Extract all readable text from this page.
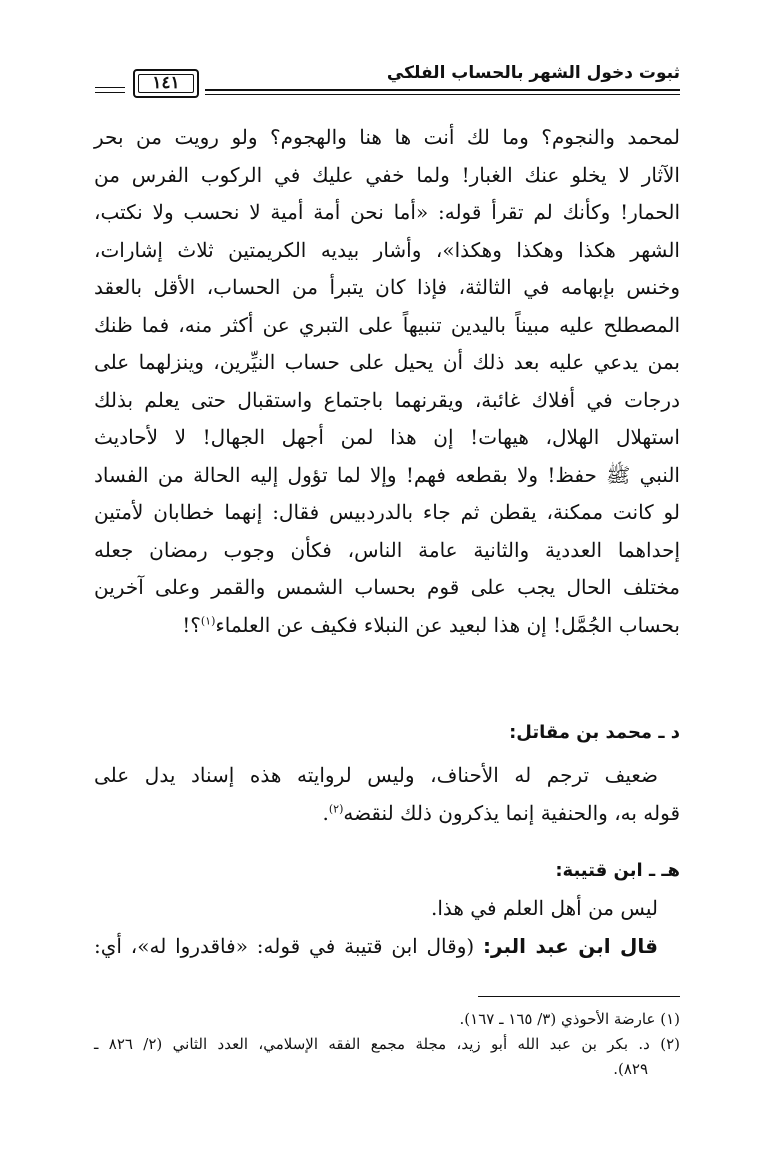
ثبوت دخول الشهر بالحساب الفلكي
١٤١
لمحمد والنجوم؟ وما لك أنت ها هنا والهجوم؟ ولو رويت من بحر
الآثار لا يخلو عنك الغبار! ولما خفي عليك في الركوب الفرس من
الحمار! وكأنك لم تقرأ قوله: «أما نحن أمة أمية لا نحسب ولا نكتب،
الشهر هكذا وهكذا وهكذا»، وأشار بيديه الكريمتين ثلاث إشارات،
وخنس بإبهامه في الثالثة، فإذا كان يتبرأ من الحساب، الأقل بالعقد
المصطلح عليه مبيناً باليدين تنبيهاً على التبري عن أكثر منه، فما ظنك
بمن يدعي عليه بعد ذلك أن يحيل على حساب النيِّرين، وينزلهما على
درجات في أفلاك غائبة، ويقرنهما باجتماع واستقبال حتى يعلم بذلك
استهلال الهلال، هيهات! إن هذا لمن أجهل الجهال! لا لأحاديث
النبي ﷺ حفظ! ولا بقطعه فهم! وإلا لما تؤول إليه الحالة من الفساد
لو كانت ممكنة، يقطن ثم جاء بالدردبيس فقال: إنهما خطابان لأمتين
إحداهما العددية والثانية عامة الناس، فكأن وجوب رمضان جعله
مختلف الحال يجب على قوم بحساب الشمس والقمر وعلى آخرين
بحساب الجُمَّل! إن هذا لبعيد عن النبلاء فكيف عن العلماء$^{(١)}$؟!
د ـ محمد بن مقاتل:
ضعيف ترجم له الأحناف، وليس لروايته هذه إسناد يدل على
قوله به، والحنفية إنما يذكرون ذلك لنقضه$^{(٢)}$.
هـ ـ ابن قتيبة:
ليس من أهل العلم في هذا.
قال ابن عبد البر: (وقال ابن قتيبة في قوله: «فاقدروا له»، أي:
(١) عارضة الأحوذي (٣/ ١٦٥ ـ ١٦٧).
(٢) د. بكر بن عبد الله أبو زيد، مجلة مجمع الفقه الإسلامي، العدد الثاني (٢/ ٨٢٦ ـ
٨٢٩).
